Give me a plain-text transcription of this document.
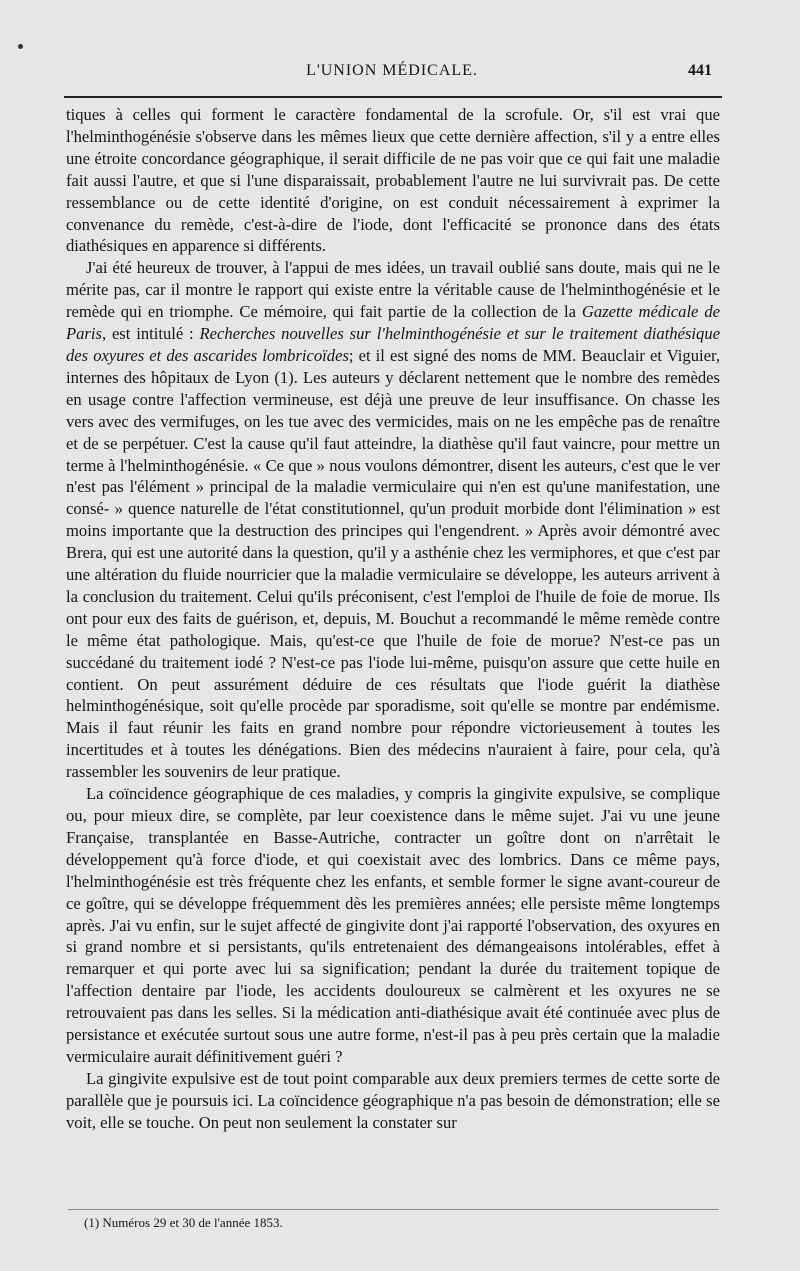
L'UNION MÉDICALE.	441

tiques à celles qui forment le caractère fondamental de la scrofule. Or, s'il est vrai que l'helminthogénésie s'observe dans les mêmes lieux que cette dernière affection, s'il y a entre elles une étroite concordance géographique, il serait difficile de ne pas voir que ce qui fait une maladie fait aussi l'autre, et que si l'une disparaissait, probablement l'autre ne lui survivrait pas. De cette ressemblance ou de cette identité d'origine, on est conduit nécessairement à exprimer la convenance du remède, c'est-à-dire de l'iode, dont l'efficacité se prononce dans des états diathésiques en apparence si différents.

J'ai été heureux de trouver, à l'appui de mes idées, un travail oublié sans doute, mais qui ne le mérite pas, car il montre le rapport qui existe entre la véritable cause de l'helminthogénésie et le remède qui en triomphe. Ce mémoire, qui fait partie de la collection de la Gazette médicale de Paris, est intitulé : Recherches nouvelles sur l'helminthogénésie et sur le traitement diathésique des oxyures et des ascarides lombricoïdes; et il est signé des noms de MM. Beauclair et Viguier, internes des hôpitaux de Lyon (1). Les auteurs y déclarent nettement que le nombre des remèdes en usage contre l'affection vermineuse, est déjà une preuve de leur insuffisance. On chasse les vers avec des vermifuges, on les tue avec des vermicides, mais on ne les empêche pas de renaître et de se perpétuer. C'est la cause qu'il faut atteindre, la diathèse qu'il faut vaincre, pour mettre un terme à l'helminthogénésie. « Ce que » nous voulons démontrer, disent les auteurs, c'est que le ver n'est pas l'élément » principal de la maladie vermiculaire qui n'en est qu'une manifestation, une consé- » quence naturelle de l'état constitutionnel, qu'un produit morbide dont l'élimination » est moins importante que la destruction des principes qui l'engendrent. » Après avoir démontré avec Brera, qui est une autorité dans la question, qu'il y a asthénie chez les vermiphores, et que c'est par une altération du fluide nourricier que la maladie vermiculaire se développe, les auteurs arrivent à la conclusion du traitement. Celui qu'ils préconisent, c'est l'emploi de l'huile de foie de morue. Ils ont pour eux des faits de guérison, et, depuis, M. Bouchut a recommandé le même remède contre le même état pathologique. Mais, qu'est-ce que l'huile de foie de morue? N'est-ce pas un succédané du traitement iodé ? N'est-ce pas l'iode lui-même, puisqu'on assure que cette huile en contient. On peut assurément déduire de ces résultats que l'iode guérit la diathèse helminthogénésique, soit qu'elle procède par sporadisme, soit qu'elle se montre par endémisme. Mais il faut réunir les faits en grand nombre pour répondre victorieusement à toutes les incertitudes et à toutes les dénégations. Bien des médecins n'auraient à faire, pour cela, qu'à rassembler les souvenirs de leur pratique.

La coïncidence géographique de ces maladies, y compris la gingivite expulsive, se complique ou, pour mieux dire, se complète, par leur coexistence dans le même sujet. J'ai vu une jeune Française, transplantée en Basse-Autriche, contracter un goître dont on n'arrêtait le développement qu'à force d'iode, et qui coexistait avec des lombrics. Dans ce même pays, l'helminthogénésie est très fréquente chez les enfants, et semble former le signe avant-coureur de ce goître, qui se développe fréquemment dès les premières années; elle persiste même longtemps après. J'ai vu enfin, sur le sujet affecté de gingivite dont j'ai rapporté l'observation, des oxyures en si grand nombre et si persistants, qu'ils entretenaient des démangeaisons intolérables, effet à remarquer et qui porte avec lui sa signification; pendant la durée du traitement topique de l'affection dentaire par l'iode, les accidents douloureux se calmèrent et les oxyures ne se retrouvaient pas dans les selles. Si la médication anti-diathésique avait été continuée avec plus de persistance et exécutée surtout sous une autre forme, n'est-il pas à peu près certain que la maladie vermiculaire aurait définitivement guéri ?

La gingivite expulsive est de tout point comparable aux deux premiers termes de cette sorte de parallèle que je poursuis ici. La coïncidence géographique n'a pas besoin de démonstration; elle se voit, elle se touche. On peut non seulement la constater sur

(1) Numéros 29 et 30 de l'année 1853.
